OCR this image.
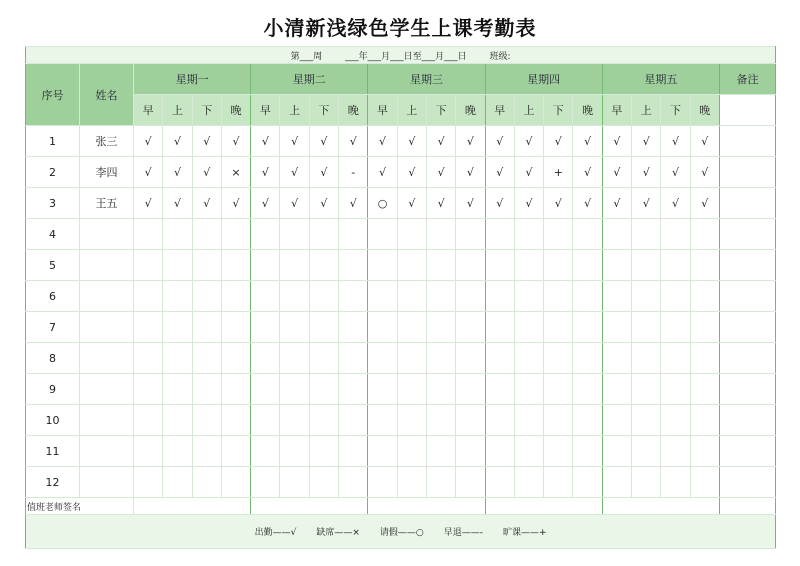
小清新浅绿色学生上课考勤表
第___周 ___年___月___日至___月___日 班级:																						
序号	姓名	星期一				星期二				星期三				星期四				星期五				备注
		早	上	下	晚	早	上	下	晚	早	上	下	晚	早	上	下	晚	早	上	下	晚	
1	张三	√	√	√	√	√	√	√	√	√	√	√	√	√	√	√	√	√	√	√	√	
2	李四	√	√	√	×	√	√	√	-	√	√	√	√	√	√	+	√	√	√	√	√	
3	王五	√	√	√	√	√	√	√	√	○	√	√	√	√	√	√	√	√	√	√	√	
4																						
5																						
6																						
7																						
8																						
9																						
10																						
11																						
12																						
值班老师签名																						
出勤——√ 缺席——× 请假——○ 早退——- 旷课——+																						
